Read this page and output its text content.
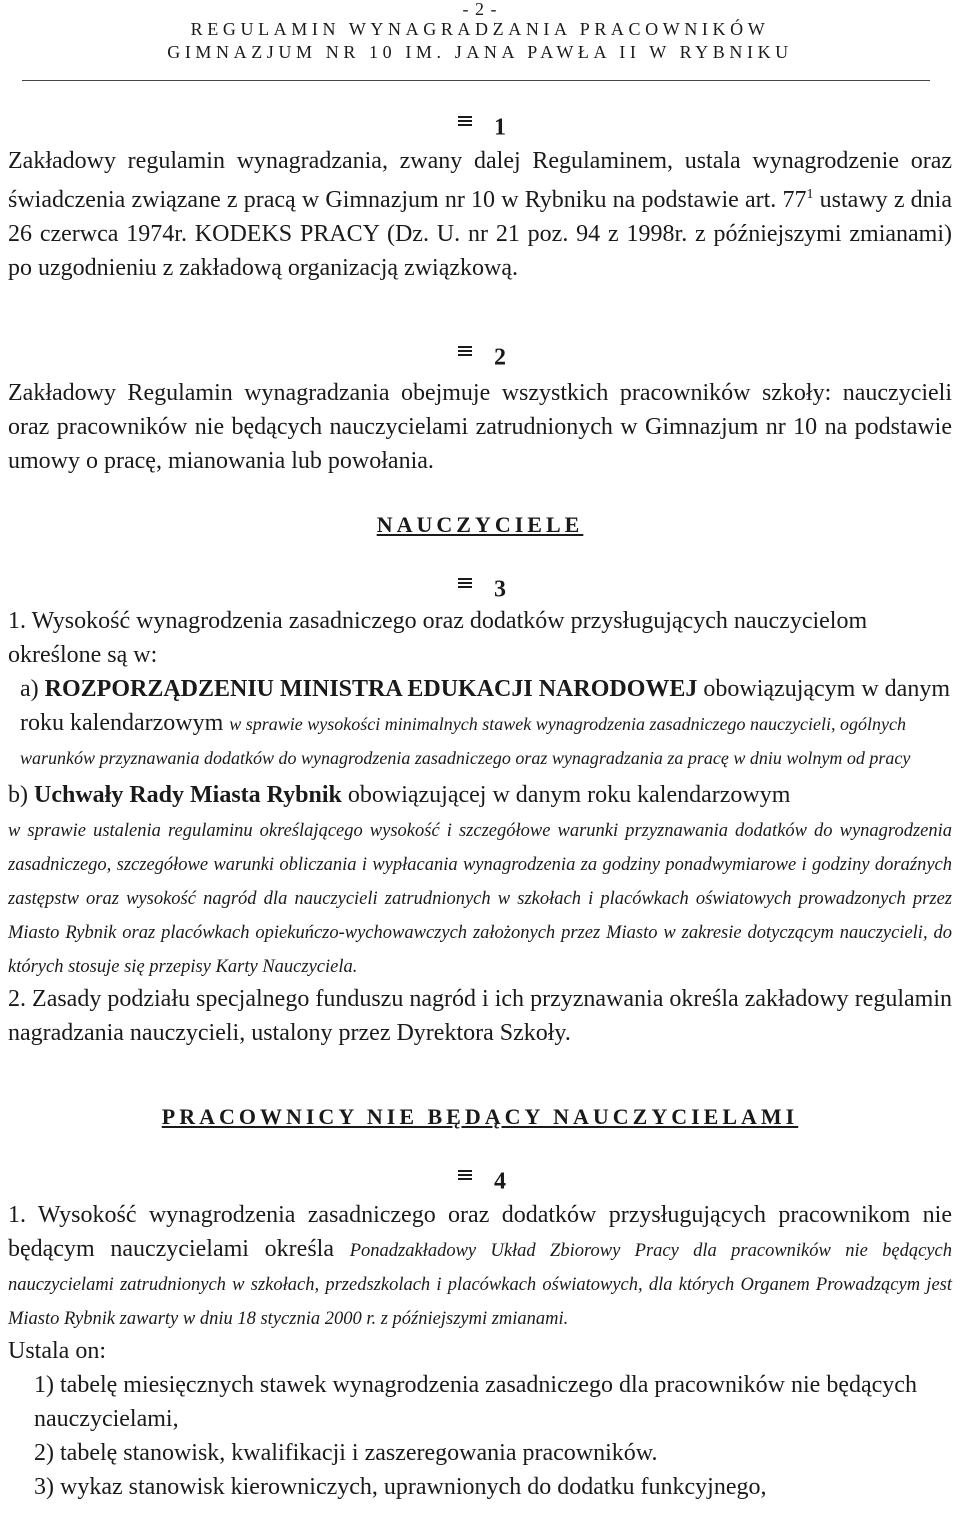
- 2 -
REGULAMIN WYNAGRADZANIA PRACOWNIKÓW
GIMNAZJUM NR 10 IM. JANA PAWŁA II W RYBNIKU
1

Zakładowy regulamin wynagradzania, zwany dalej Regulaminem, ustala wynagrodzenie oraz świadczenia związane z pracą w Gimnazjum nr 10 w Rybniku na podstawie art. $77^1$ ustawy z dnia 26 czerwca 1974r. KODEKS PRACY (Dz. U. nr 21 poz. 94 z 1998r. z późniejszymi zmianami) po uzgodnieniu z zakładową organizacją związkową.

2

Zakładowy Regulamin wynagradzania obejmuje wszystkich pracowników szkoły: nauczycieli oraz pracowników nie będących nauczycielami zatrudnionych w Gimnazjum nr 10 na podstawie umowy o pracę, mianowania lub powołania.

NAUCZYCIELE
3

1. Wysokość wynagrodzenia zasadniczego oraz dodatków przysługujących nauczycielom określone są w:

a) ROZPORZĄDZENIU MINISTRA EDUKACJI NARODOWEJ obowiązującym w danym roku kalendarzowym w sprawie wysokości minimalnych stawek wynagrodzenia zasadniczego nauczycieli, ogólnych warunków przyznawania dodatków do wynagrodzenia zasadniczego oraz wynagradzania za pracę w dniu wolnym od pracy

b) Uchwały Rady Miasta Rybnik obowiązującej w danym roku kalendarzowym

w sprawie ustalenia regulaminu określającego wysokość i szczegółowe warunki przyznawania dodatków do wynagrodzenia zasadniczego, szczegółowe warunki obliczania i wypłacania wynagrodzenia za godziny ponadwymiarowe i godziny doraźnych zastępstw oraz wysokość nagród dla nauczycieli zatrudnionych w szkołach i placówkach oświatowych prowadzonych przez Miasto Rybnik oraz placówkach opiekuńczo-wychowawczych założonych przez Miasto w zakresie dotyczącym nauczycieli, do których stosuje się przepisy Karty Nauczyciela.

2. Zasady podziału specjalnego funduszu nagród i ich przyznawania określa zakładowy regulamin nagradzania nauczycieli, ustalony przez Dyrektora Szkoły.

PRACOWNICY NIE BĘDĄCY NAUCZYCIELAMI
4

1. Wysokość wynagrodzenia zasadniczego oraz dodatków przysługujących pracownikom nie będącym nauczycielami określa Ponadzakładowy Układ Zbiorowy Pracy dla pracowników nie będących nauczycielami zatrudnionych w szkołach, przedszkolach i placówkach oświatowych, dla których Organem Prowadzącym jest Miasto Rybnik zawarty w dniu 18 stycznia 2000 r. z późniejszymi zmianami.

Ustala on:

1) tabelę miesięcznych stawek wynagrodzenia zasadniczego dla pracowników nie będących nauczycielami,

2) tabelę stanowisk, kwalifikacji i zaszeregowania pracowników.

3) wykaz stanowisk kierowniczych, uprawnionych do dodatku funkcyjnego,
